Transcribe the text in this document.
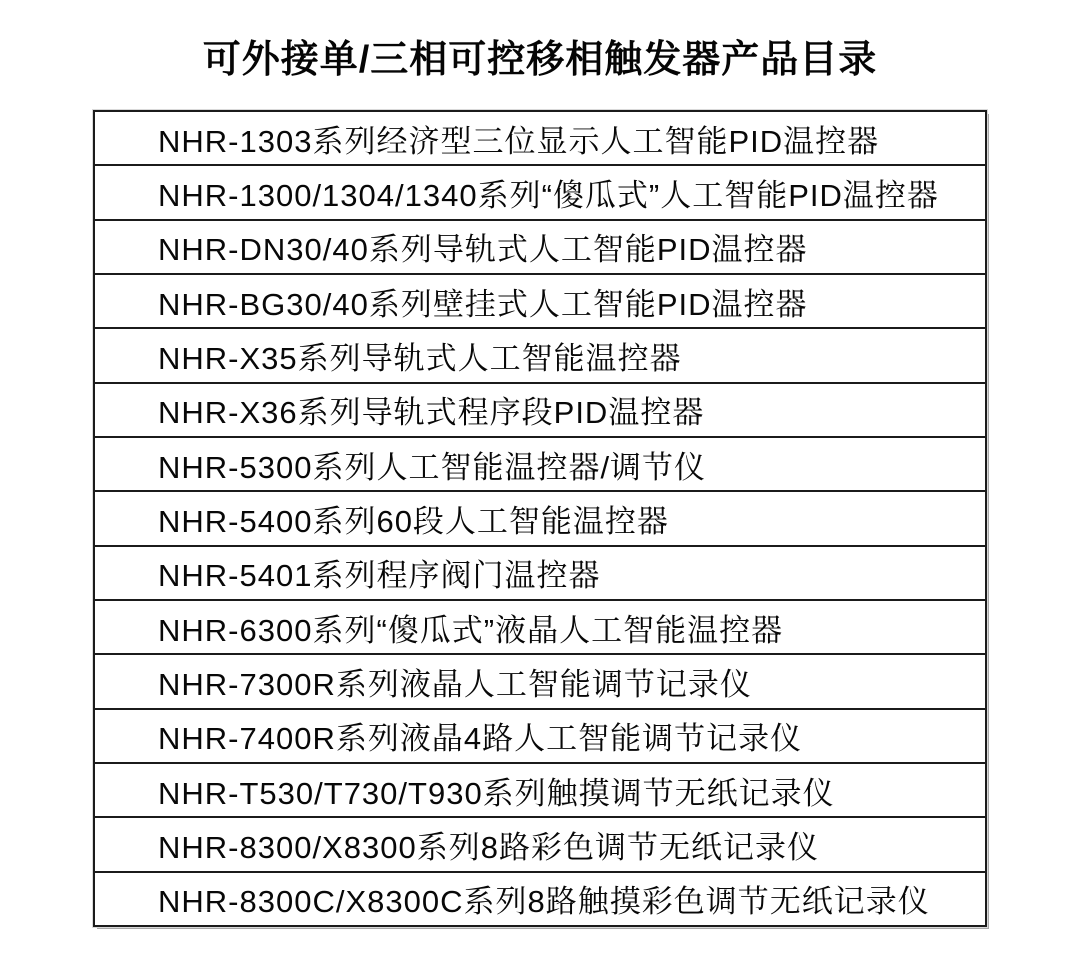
可外接单/三相可控移相触发器产品目录
NHR-1303系列经济型三位显示人工智能PID温控器
NHR-1300/1304/1340系列“傻瓜式”人工智能PID温控器
NHR-DN30/40系列导轨式人工智能PID温控器
NHR-BG30/40系列壁挂式人工智能PID温控器
NHR-X35系列导轨式人工智能温控器
NHR-X36系列导轨式程序段PID温控器
NHR-5300系列人工智能温控器/调节仪
NHR-5400系列60段人工智能温控器
NHR-5401系列程序阀门温控器
NHR-6300系列“傻瓜式”液晶人工智能温控器
NHR-7300R系列液晶人工智能调节记录仪
NHR-7400R系列液晶4路人工智能调节记录仪
NHR-T530/T730/T930系列触摸调节无纸记录仪
NHR-8300/X8300系列8路彩色调节无纸记录仪
NHR-8300C/X8300C系列8路触摸彩色调节无纸记录仪
